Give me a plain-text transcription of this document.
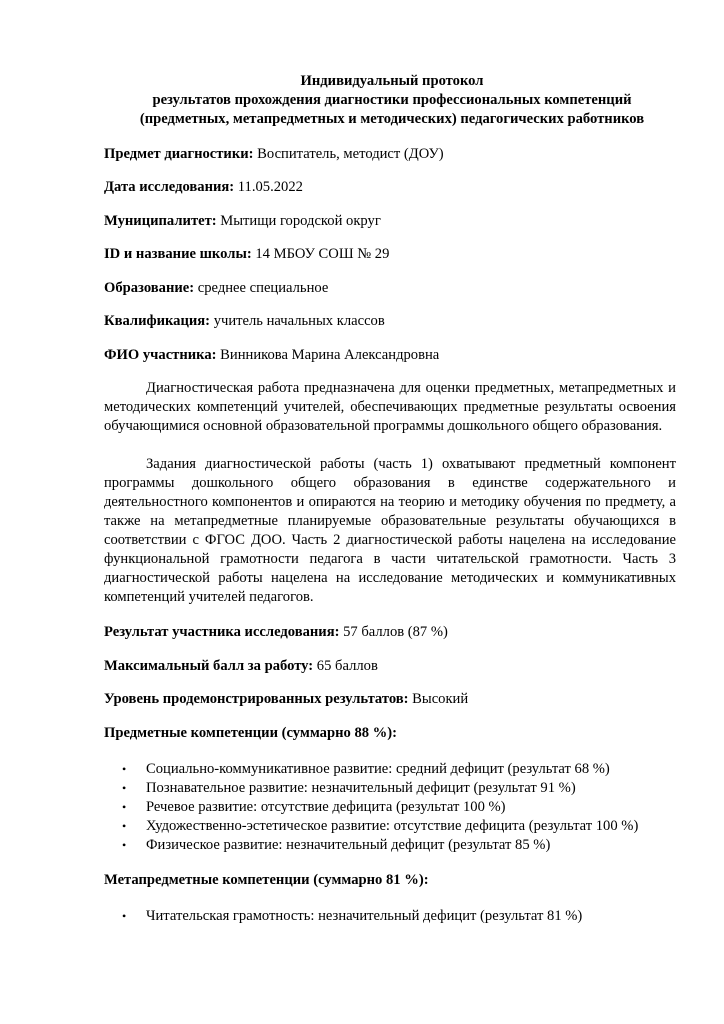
Индивидуальный протокол
результатов прохождения диагностики профессиональных компетенций
(предметных, метапредметных и методических) педагогических работников
Предмет диагностики: Воспитатель, методист (ДОУ)
Дата исследования: 11.05.2022
Муниципалитет: Мытищи городской округ
ID и название школы: 14 МБОУ СОШ № 29
Образование: среднее специальное
Квалификация: учитель начальных классов
ФИО участника: Винникова Марина Александровна
Диагностическая работа предназначена для оценки предметных, метапредметных и методических компетенций учителей, обеспечивающих предметные результаты освоения обучающимися основной образовательной программы дошкольного общего образования.
Задания диагностической работы (часть 1) охватывают предметный компонент программы дошкольного общего образования в единстве содержательного и деятельностного компонентов и опираются на теорию и методику обучения по предмету, а также на метапредметные планируемые образовательные результаты обучающихся в соответствии с ФГОС ДОО. Часть 2 диагностической работы нацелена на исследование функциональной грамотности педагога в части читательской грамотности. Часть 3 диагностической работы нацелена на исследование методических и коммуникативных компетенций учителей педагогов.
Результат участника исследования: 57 баллов (87 %)
Максимальный балл за работу: 65 баллов
Уровень продемонстрированных результатов: Высокий
Предметные компетенции (суммарно 88 %):
• Социально-коммуникативное развитие: средний дефицит (результат 68 %)
• Познавательное развитие: незначительный дефицит (результат 91 %)
• Речевое развитие: отсутствие дефицита (результат 100 %)
• Художественно-эстетическое развитие: отсутствие дефицита (результат 100 %)
• Физическое развитие: незначительный дефицит (результат 85 %)
Метапредметные компетенции (суммарно 81 %):
• Читательская грамотность: незначительный дефицит (результат 81 %)
